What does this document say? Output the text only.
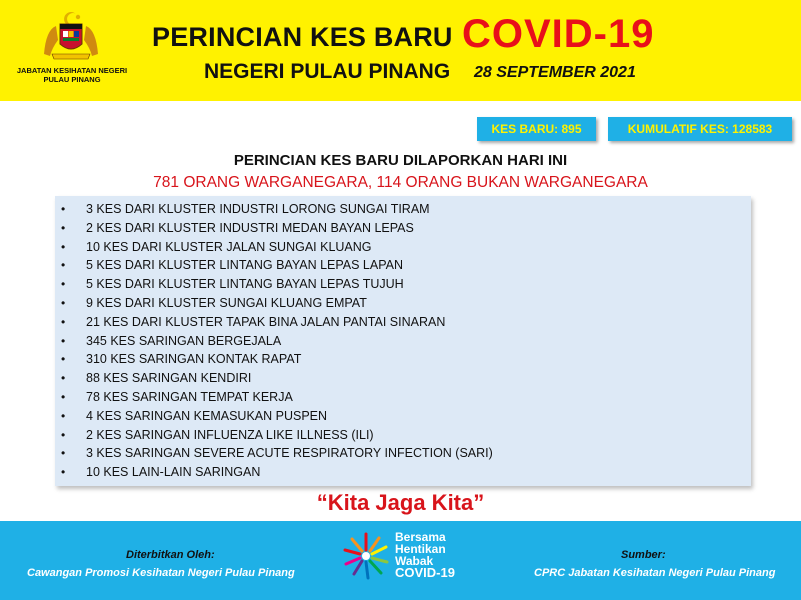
JABATAN KESIHATAN NEGERI
PULAU PINANG
PERINCIAN KES BARU COVID-19
NEGERI PULAU PINANG 28 SEPTEMBER 2021
KES BARU: 895	KUMULATIF KES: 128583
PERINCIAN KES BARU DILAPORKAN HARI INI
781 ORANG WARGANEGARA, 114 ORANG BUKAN WARGANEGARA
• 3 KES DARI KLUSTER INDUSTRI LORONG SUNGAI TIRAM
• 2 KES DARI KLUSTER INDUSTRI MEDAN BAYAN LEPAS
• 10 KES DARI KLUSTER JALAN SUNGAI KLUANG
• 5 KES DARI KLUSTER LINTANG BAYAN LEPAS LAPAN
• 5 KES DARI KLUSTER LINTANG BAYAN LEPAS TUJUH
• 9 KES DARI KLUSTER SUNGAI KLUANG EMPAT
• 21 KES DARI KLUSTER TAPAK BINA JALAN PANTAI SINARAN
• 345 KES SARINGAN BERGEJALA
• 310 KES SARINGAN KONTAK RAPAT
• 88 KES SARINGAN KENDIRI
• 78 KES SARINGAN TEMPAT KERJA
• 4 KES SARINGAN KEMASUKAN PUSPEN
• 2 KES SARINGAN INFLUENZA LIKE ILLNESS (ILI)
• 3 KES SARINGAN SEVERE ACUTE RESPIRATORY INFECTION (SARI)
• 10 KES LAIN-LAIN SARINGAN
“Kita Jaga Kita”
Diterbitkan Oleh:
Cawangan Promosi Kesihatan Negeri Pulau Pinang
Bersama
Hentikan
Wabak
COVID-19
Sumber:
CPRC Jabatan Kesihatan Negeri Pulau Pinang
